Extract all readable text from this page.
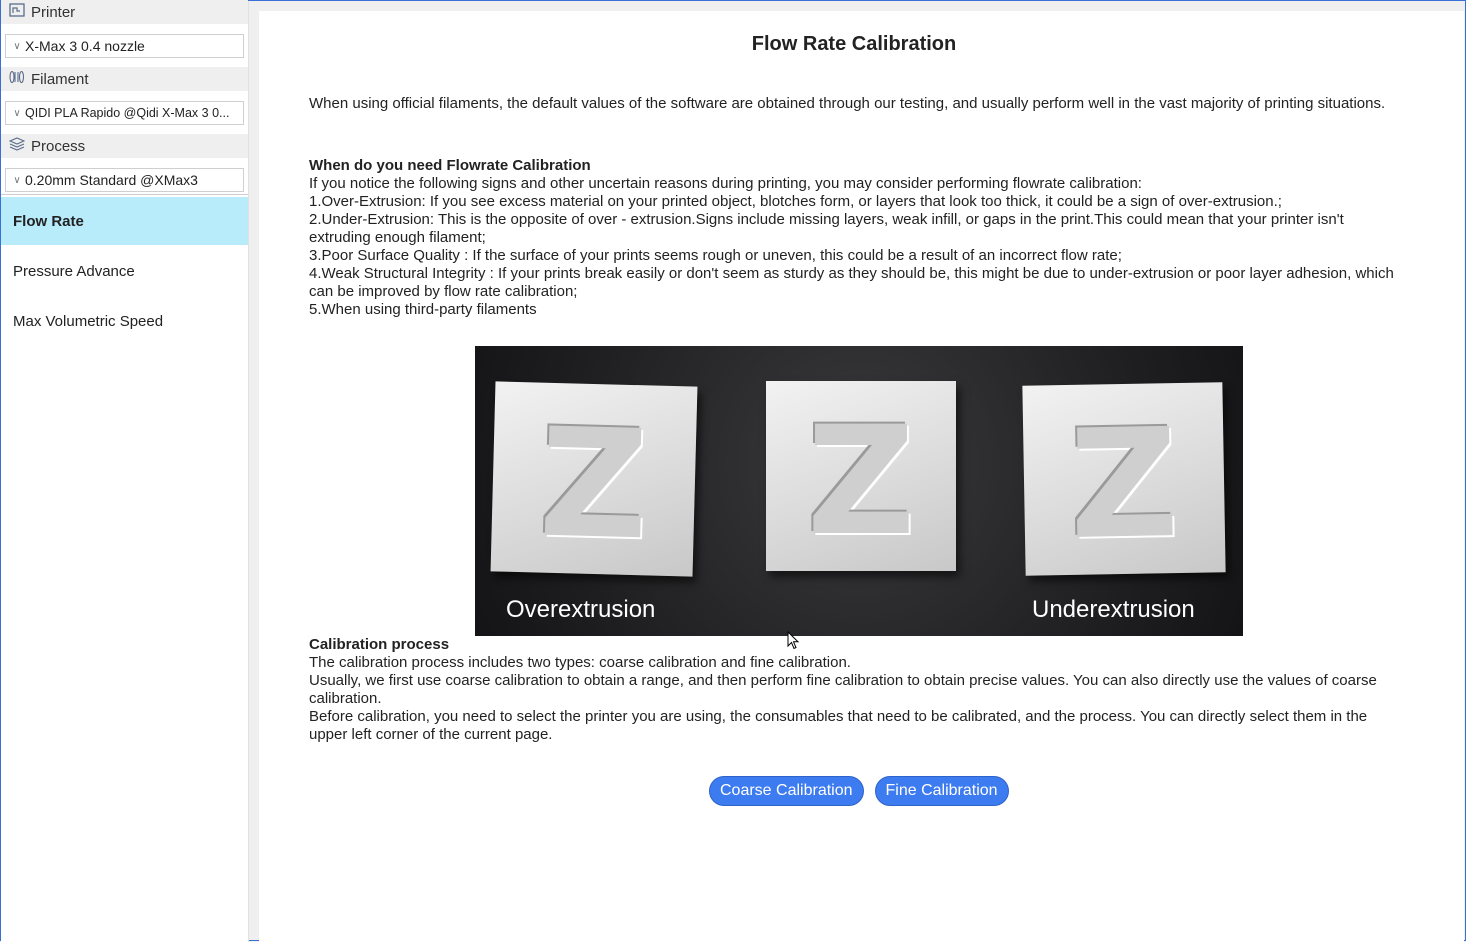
Printer
∨ X-Max 3 0.4 nozzle
Filament
∨ QIDI PLA Rapido @Qidi X-Max 3 0...
Process
∨ 0.20mm Standard @XMax3
Flow Rate
Pressure Advance
Max Volumetric Speed
Flow Rate Calibration
When using official filaments, the default values of the software are obtained through our testing, and usually perform well in the vast majority of printing situations.
When do you need Flowrate Calibration
If you notice the following signs and other uncertain reasons during printing, you may consider performing flowrate calibration:
1.Over-Extrusion: If you see excess material on your printed object, blotches form, or layers that look too thick, it could be a sign of over-extrusion.;
2.Under-Extrusion: This is the opposite of over - extrusion.Signs include missing layers, weak infill, or gaps in the print.This could mean that your printer isn't extruding enough filament;
3.Poor Surface Quality : If the surface of your prints seems rough or uneven, this could be a result of an incorrect flow rate;
4.Weak Structural Integrity : If your prints break easily or don't seem as sturdy as they should be, this might be due to under-extrusion or poor layer adhesion, which can be improved by flow rate calibration;
5.When using third-party filaments
Z	Z	Z
Overextrusion	Underextrusion
Calibration process
The calibration process includes two types: coarse calibration and fine calibration.
Usually, we first use coarse calibration to obtain a range, and then perform fine calibration to obtain precise values. You can also directly use the values of coarse calibration.
Before calibration, you need to select the printer you are using, the consumables that need to be calibrated, and the process. You can directly select them in the upper left corner of the current page.
Coarse Calibration	Fine Calibration
